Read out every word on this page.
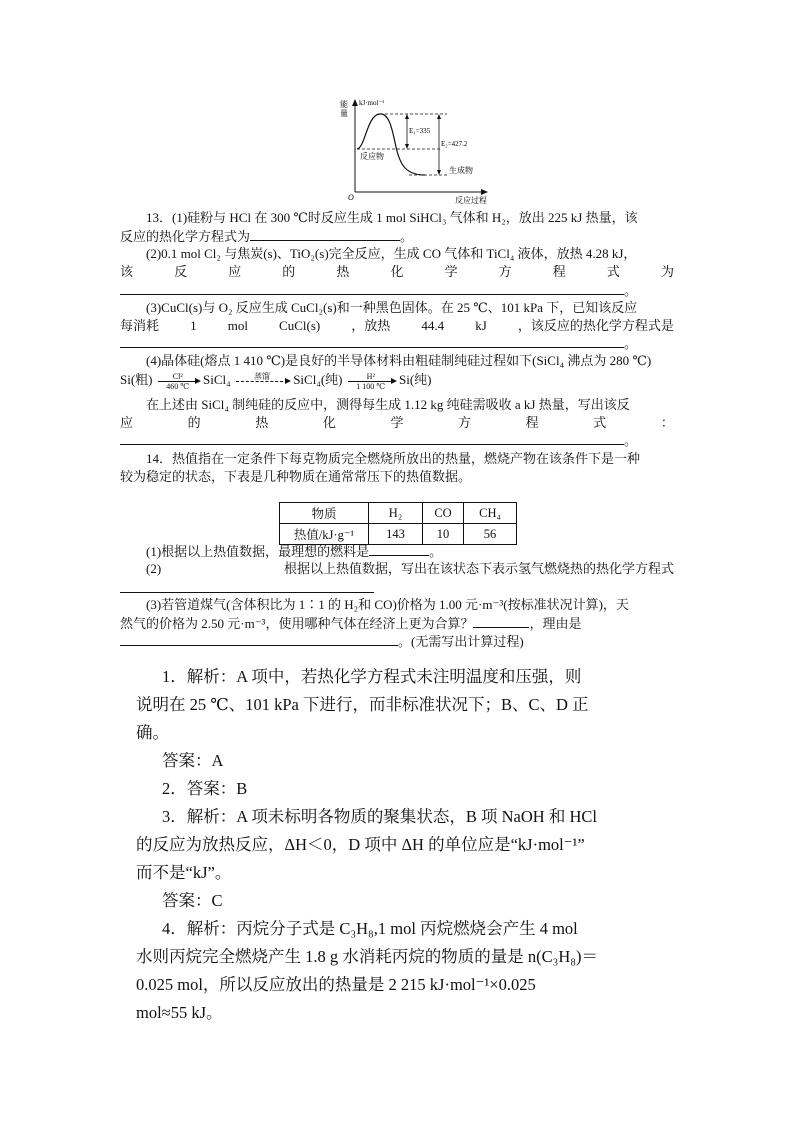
能
量
kJ·mol⁻¹
E₁=335
E₂=427.2
反应物
生成物
O	反应过程
13．(1)硅粉与 HCl 在 300 ℃时反应生成 1 mol SiHCl₃ 气体和 H₂，放出 225 kJ 热量，该
反应的热化学方程式为	。
(2)0.1 mol Cl₂ 与焦炭(s)、TiO₂(s)完全反应，生成 CO 气体和 TiCl₄ 液体，放热 4.28 kJ，
该	反	应	的	热	化	学	方	程	式	为
。
(3)CuCl(s)与 O₂ 反应生成 CuCl₂(s)和一种黑色固体。在 25 ℃、101 kPa 下，已知该反应
每消耗 1 mol CuCl(s) ，放热 44.4 kJ ，该反应的热化学方程式是
。
(4)晶体硅(熔点 1 410 ℃)是良好的半导体材料由粗硅制纯硅过程如下(SiCl₄ 沸点为 280 ℃)
Si(粗) $\frac{\text{Cl²}}{460 ℃}$ SiCl₄	蒸馏
	SiCl₄(纯) $\frac{\text{H²}}{1 100 ℃} Si$(纯)
在上述由 SiCl₄ 制纯硅的反应中，测得每生成 1.12 kg 纯硅需吸收 a kJ 热量，写出该反
应	的	热	化	学	方	程	式	：
。
14．热值指在一定条件下每克物质完全燃烧所放出的热量，燃烧产物在该条件下是一种
较为稳定的状态，下表是几种物质在通常常压下的热值数据。
物质	H₂	CO	CH₄
热值/kJ·g⁻¹	143	10	56
(1)根据以上热值数据，最理想的燃料是	。
(2)	根据以上热值数据，写出在该状态下表示氢气燃烧热的热化学方程式
(3)若管道煤气(含体积比为 1∶1 的 H₂和 CO)价格为 1.00 元·m⁻³(按标准状况计算)，天
然气的价格为 2.50 元·m⁻³，使用哪种气体在经济上更为合算？	，理由是
。(无需写出计算过程)
1．解析：A 项中，若热化学方程式未注明温度和压强，则
说明在 25 ℃、101 kPa 下进行，而非标准状况下；B、C、D 正
确。
答案：A
2．答案：B
3．解析：A 项未标明各物质的聚集状态，B 项 NaOH 和 HCl
的反应为放热反应，ΔH＜0，D 项中 ΔH 的单位应是“kJ·mol⁻¹”
而不是“kJ”。
答案：C
4．解析：丙烷分子式是 C₃H₈,1 mol 丙烷燃烧会产生 4 mol
水则丙烷完全燃烧产生 1.8 g 水消耗丙烷的物质的量是 n(C₃H₈)＝
0.025 mol，所以反应放出的热量是 2 215 kJ·mol⁻¹×0.025
mol≈55 kJ。
